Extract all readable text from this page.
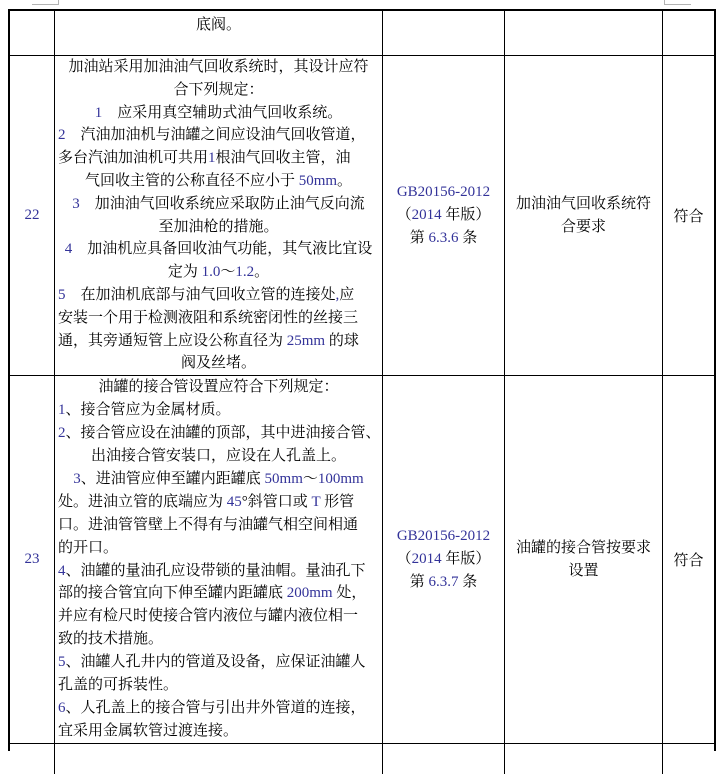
底阀。
22
加油站采用加油油气回收系统时，其设计应符
合下列规定：
1　应采用真空辅助式油气回收系统。
2　汽油加油机与油罐之间应设油气回收管道，
多台汽油加油机可共用1根油气回收主管，油
气回收主管的公称直径不应小于 50mm。
3　加油油气回收系统应采取防止油气反向流
至加油枪的措施。
4　加油机应具备回收油气功能，其气液比宜设
定为 1.0～1.2。
5　在加油机底部与油气回收立管的连接处,应
安装一个用于检测液阻和系统密闭性的丝接三
通，其旁通短管上应设公称直径为 25mm 的球
阀及丝堵。
GB20156-2012
（2014 年版）
第 6.3.6 条
加油油气回收系统符
合要求
符合
23
油罐的接合管设置应符合下列规定：
1、接合管应为金属材质。
2、接合管应设在油罐的顶部，其中进油接合管、
出油接合管安装口，应设在人孔盖上。
3、进油管应伸至罐内距罐底 50mm～100mm
处。进油立管的底端应为 45°斜管口或 T 形管
口。进油管管壁上不得有与油罐气相空间相通
的开口。
4、油罐的量油孔应设带锁的量油帽。量油孔下
部的接合管宜向下伸至罐内距罐底 200mm 处，
并应有检尺时使接合管内液位与罐内液位相一
致的技术措施。
5、油罐人孔井内的管道及设备，应保证油罐人
孔盖的可拆装性。
6、人孔盖上的接合管与引出井外管道的连接，
宜采用金属软管过渡连接。
GB20156-2012
（2014 年版）
第 6.3.7 条
油罐的接合管按要求
设置
符合
